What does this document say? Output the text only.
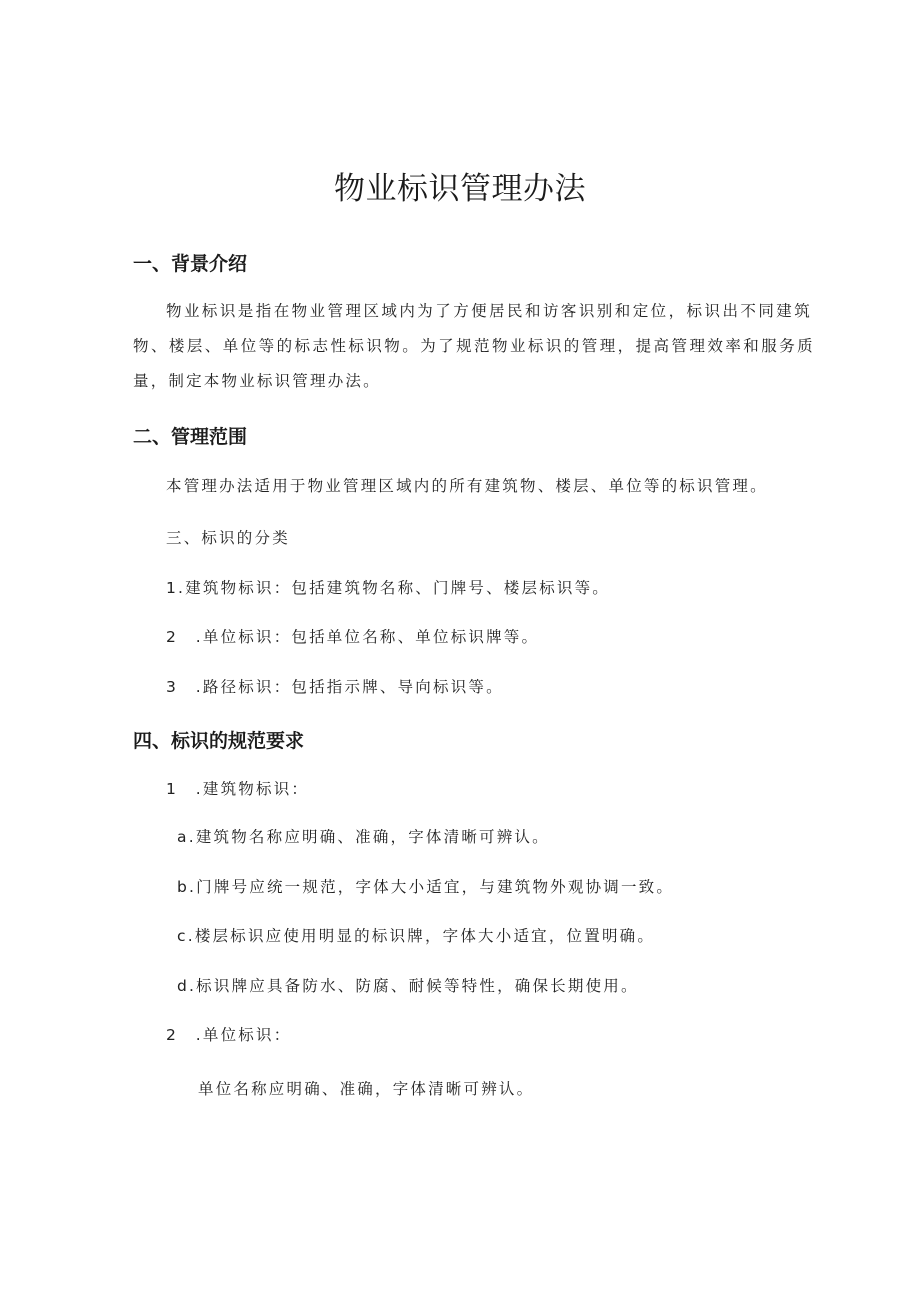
物业标识管理办法
一、背景介绍
物业标识是指在物业管理区域内为了方便居民和访客识别和定位，标识出不同建筑
物、楼层、单位等的标志性标识物。为了规范物业标识的管理，提高管理效率和服务质
量，制定本物业标识管理办法。
二、管理范围
本管理办法适用于物业管理区域内的所有建筑物、楼层、单位等的标识管理。
三、标识的分类
1.建筑物标识：包括建筑物名称、门牌号、楼层标识等。
2　.单位标识：包括单位名称、单位标识牌等。
3　.路径标识：包括指示牌、导向标识等。
四、标识的规范要求
1　.建筑物标识：
a.建筑物名称应明确、准确，字体清晰可辨认。
b.门牌号应统一规范，字体大小适宜，与建筑物外观协调一致。
c.楼层标识应使用明显的标识牌，字体大小适宜，位置明确。
d.标识牌应具备防水、防腐、耐候等特性，确保长期使用。
2　.单位标识：
单位名称应明确、准确，字体清晰可辨认。
